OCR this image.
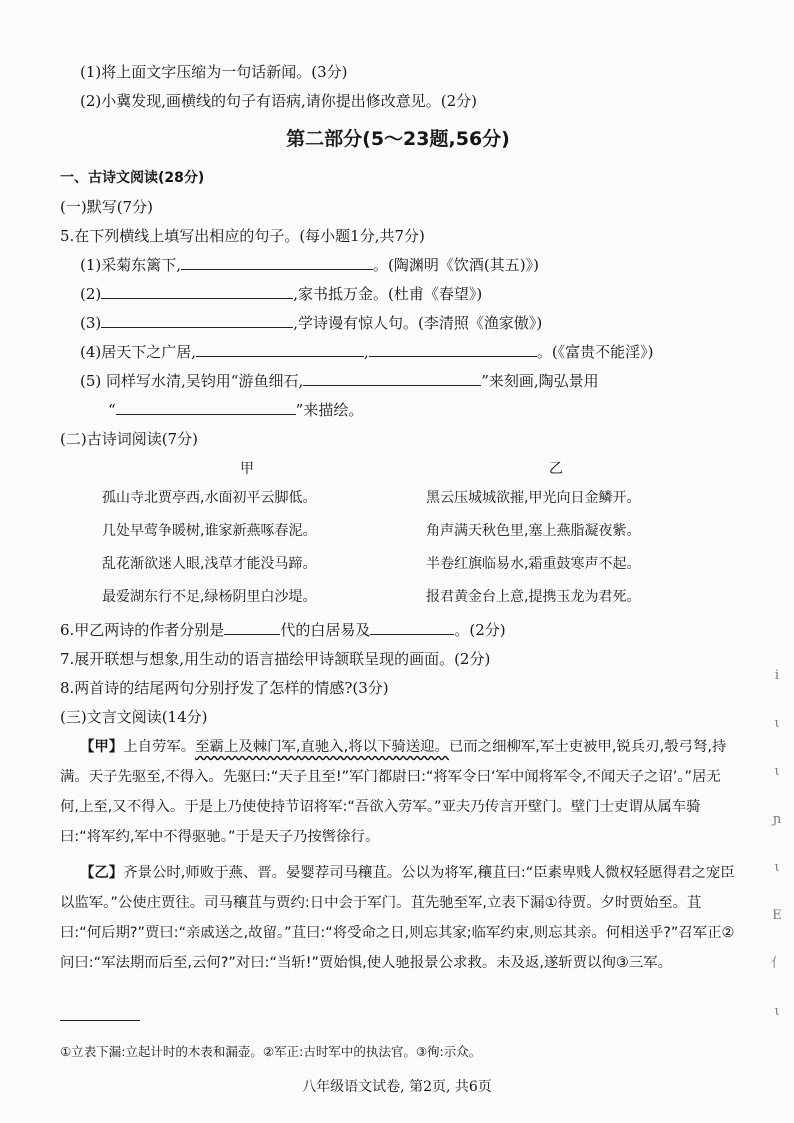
(1)将上面文字压缩为一句话新闻。(3分)
(2)小冀发现,画横线的句子有语病,请你提出修改意见。(2分)
第二部分(5～23题,56分)
一、古诗文阅读(28分)
(一)默写(7分)
5.在下列横线上填写出相应的句子。(每小题1分,共7分)
(1)采菊东篱下,	。(陶渊明《饮酒(其五)》)
(2)	,家书抵万金。(杜甫《春望》)
(3)	,学诗谩有惊人句。(李清照《渔家傲》)
(4)居天下之广居,	,	。(《富贵不能淫》)
(5) 同样写水清,吴钧用“游鱼细石,	”来刻画,陶弘景用
“	”来描绘。
(二)古诗词阅读(7分)
甲
孤山寺北贾亭西,水面初平云脚低。
几处早莺争暖树,谁家新燕啄春泥。
乱花渐欲迷人眼,浅草才能没马蹄。
最爱湖东行不足,绿杨阴里白沙堤。
乙
黑云压城城欲摧,甲光向日金鳞开。
角声满天秋色里,塞上燕脂凝夜紫。
半卷红旗临易水,霜重鼓寒声不起。
报君黄金台上意,提携玉龙为君死。
6.甲乙两诗的作者分别是	代的白居易及	。(2分)
7.展开联想与想象,用生动的语言描绘甲诗颔联呈现的画面。(2分)
8.两首诗的结尾两句分别抒发了怎样的情感?(3分)
(三)文言文阅读(14分)
【甲】上自劳军。至霸上及棘门军,直驰入,将以下骑送迎。已而之细柳军,军士吏被甲,锐兵刃,彀弓弩,持满。天子先驱至,不得入。先驱曰:“天子且至!”军门都尉曰:“将军令曰‘军中闻将军令,不闻天子之诏’。”居无何,上至,又不得入。于是上乃使使持节诏将军:“吾欲入劳军。”亚夫乃传言开壁门。壁门士吏谓从属车骑曰:“将军约,军中不得驱驰。”于是天子乃按辔徐行。
【乙】齐景公时,师败于燕、晋。晏婴荐司马穰苴。公以为将军,穰苴曰:“臣素卑贱人微权轻愿得君之宠臣以监军。”公使庄贾往。司马穰苴与贾约:日中会于军门。苴先驰至军,立表下漏①待贾。夕时贾始至。苴曰:“何后期?”贾曰:“亲戚送之,故留。”苴曰:“将受命之日,则忘其家;临军约束,则忘其亲。何相送乎?”召军正②问曰:“军法期而后至,云何?”对曰:“当斩!”贾始惧,使人驰报景公求救。未及返,遂斩贾以徇③三军。
①立表下漏:立起计时的木表和漏壶。②军正:古时军中的执法官。③徇:示众。
八年级语文试卷, 第2页, 共6页
i
ι
ι
ɲ
ι
E
亻
ι
